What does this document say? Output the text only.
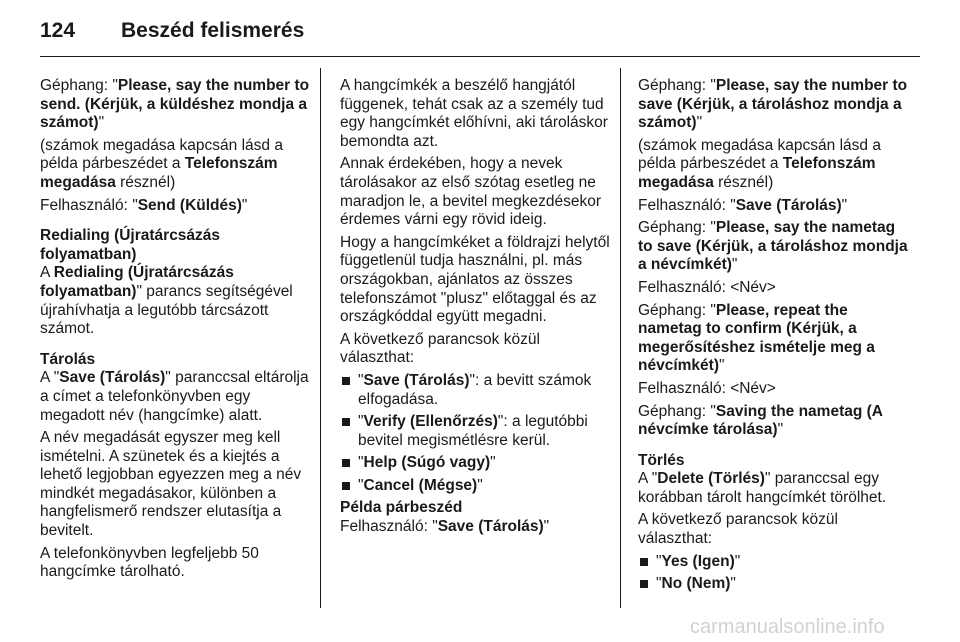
124 Beszéd felismerés

Géphang: "Please, say the number to send. (Kérjük, a küldéshez mondja a számot)"

(számok megadása kapcsán lásd a példa párbeszédet a Telefonszám megadása résznél)

Felhasználó: "Send (Küldés)"

Redialing (Újratárcsázás folyamatban)

A Redialing (Újratárcsázás folyamatban)" parancs segítségével újrahívhatja a legutóbb tárcsázott számot.

Tárolás

A "Save (Tárolás)" paranccsal eltárolja a címet a telefonkönyvben egy megadott név (hangcímke) alatt.

A név megadását egyszer meg kell ismételni. A szünetek és a kiejtés a lehető legjobban egyezzen meg a név mindkét megadásakor, különben a hangfelismerő rendszer elutasítja a bevitelt.

A telefonkönyvben legfeljebb 50 hangcímke tárolható.

A hangcímkék a beszélő hangjától függenek, tehát csak az a személy tud egy hangcímkét előhívni, aki tároláskor bemondta azt.

Annak érdekében, hogy a nevek tárolásakor az első szótag esetleg ne maradjon le, a bevitel megkezdésekor érdemes várni egy rövid ideig.

Hogy a hangcímkéket a földrajzi helytől függetlenül tudja használni, pl. más országokban, ajánlatos az összes telefonszámot "plusz" előtaggal és az országkóddal együtt megadni.

A következő parancsok közül választhat:

"Save (Tárolás)": a bevitt számok elfogadása.
"Verify (Ellenőrzés)": a legutóbbi bevitel megismétlésre kerül.
"Help (Súgó vagy)"
"Cancel (Mégse)"

Példa párbeszéd

Felhasználó: "Save (Tárolás)"

Géphang: "Please, say the number to save (Kérjük, a tároláshoz mondja a számot)"

(számok megadása kapcsán lásd a példa párbeszédet a Telefonszám megadása résznél)

Felhasználó: "Save (Tárolás)"

Géphang: "Please, say the nametag to save (Kérjük, a tároláshoz mondja a névcímkét)"

Felhasználó: <Név>

Géphang: "Please, repeat the nametag to confirm (Kérjük, a megerősítéshez ismételje meg a névcímkét)"

Felhasználó: <Név>

Géphang: "Saving the nametag (A névcímke tárolása)"

Törlés

A "Delete (Törlés)" paranccsal egy korábban tárolt hangcímkét törölhet.

A következő parancsok közül választhat:

"Yes (Igen)"
"No (Nem)"
carmanualsonline.info
